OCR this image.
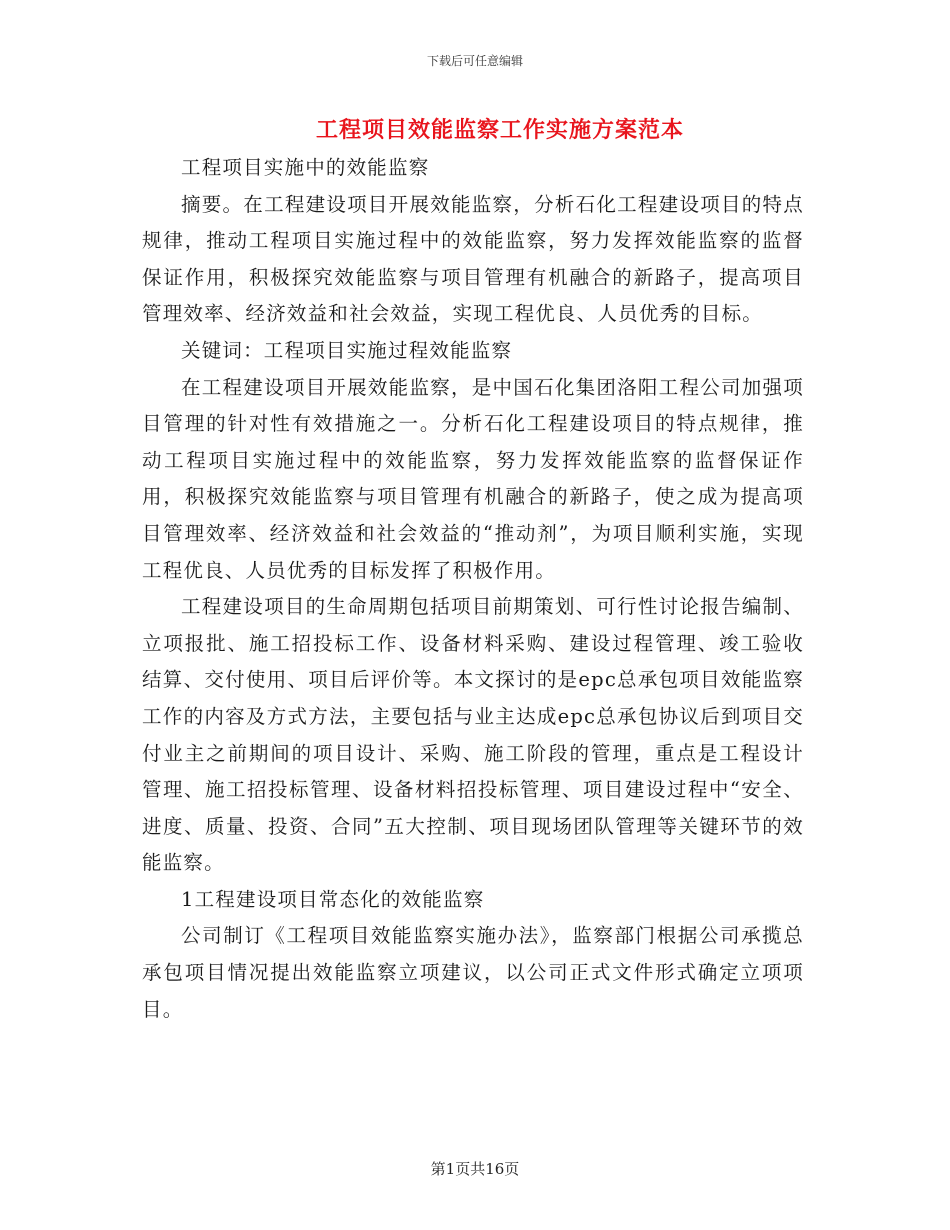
下载后可任意编辑
工程项目效能监察工作实施方案范本

工程项目实施中的效能监察

摘要。在工程建设项目开展效能监察，分析石化工程建设项目的特点规律，推动工程项目实施过程中的效能监察，努力发挥效能监察的监督保证作用，积极探究效能监察与项目管理有机融合的新路子，提高项目管理效率、经济效益和社会效益，实现工程优良、人员优秀的目标。

关键词：工程项目实施过程效能监察

在工程建设项目开展效能监察，是中国石化集团洛阳工程公司加强项目管理的针对性有效措施之一。分析石化工程建设项目的特点规律，推动工程项目实施过程中的效能监察，努力发挥效能监察的监督保证作用，积极探究效能监察与项目管理有机融合的新路子，使之成为提高项目管理效率、经济效益和社会效益的“推动剂”，为项目顺利实施，实现工程优良、人员优秀的目标发挥了积极作用。

工程建设项目的生命周期包括项目前期策划、可行性讨论报告编制、立项报批、施工招投标工作、设备材料采购、建设过程管理、竣工验收结算、交付使用、项目后评价等。本文探讨的是epc总承包项目效能监察工作的内容及方式方法，主要包括与业主达成epc总承包协议后到项目交付业主之前期间的项目设计、采购、施工阶段的管理，重点是工程设计管理、施工招投标管理、设备材料招投标管理、项目建设过程中“安全、进度、质量、投资、合同”五大控制、项目现场团队管理等关键环节的效能监察。

1工程建设项目常态化的效能监察

公司制订《工程项目效能监察实施办法》，监察部门根据公司承揽总承包项目情况提出效能监察立项建议，以公司正式文件形式确定立项项目。

第1页共16页
